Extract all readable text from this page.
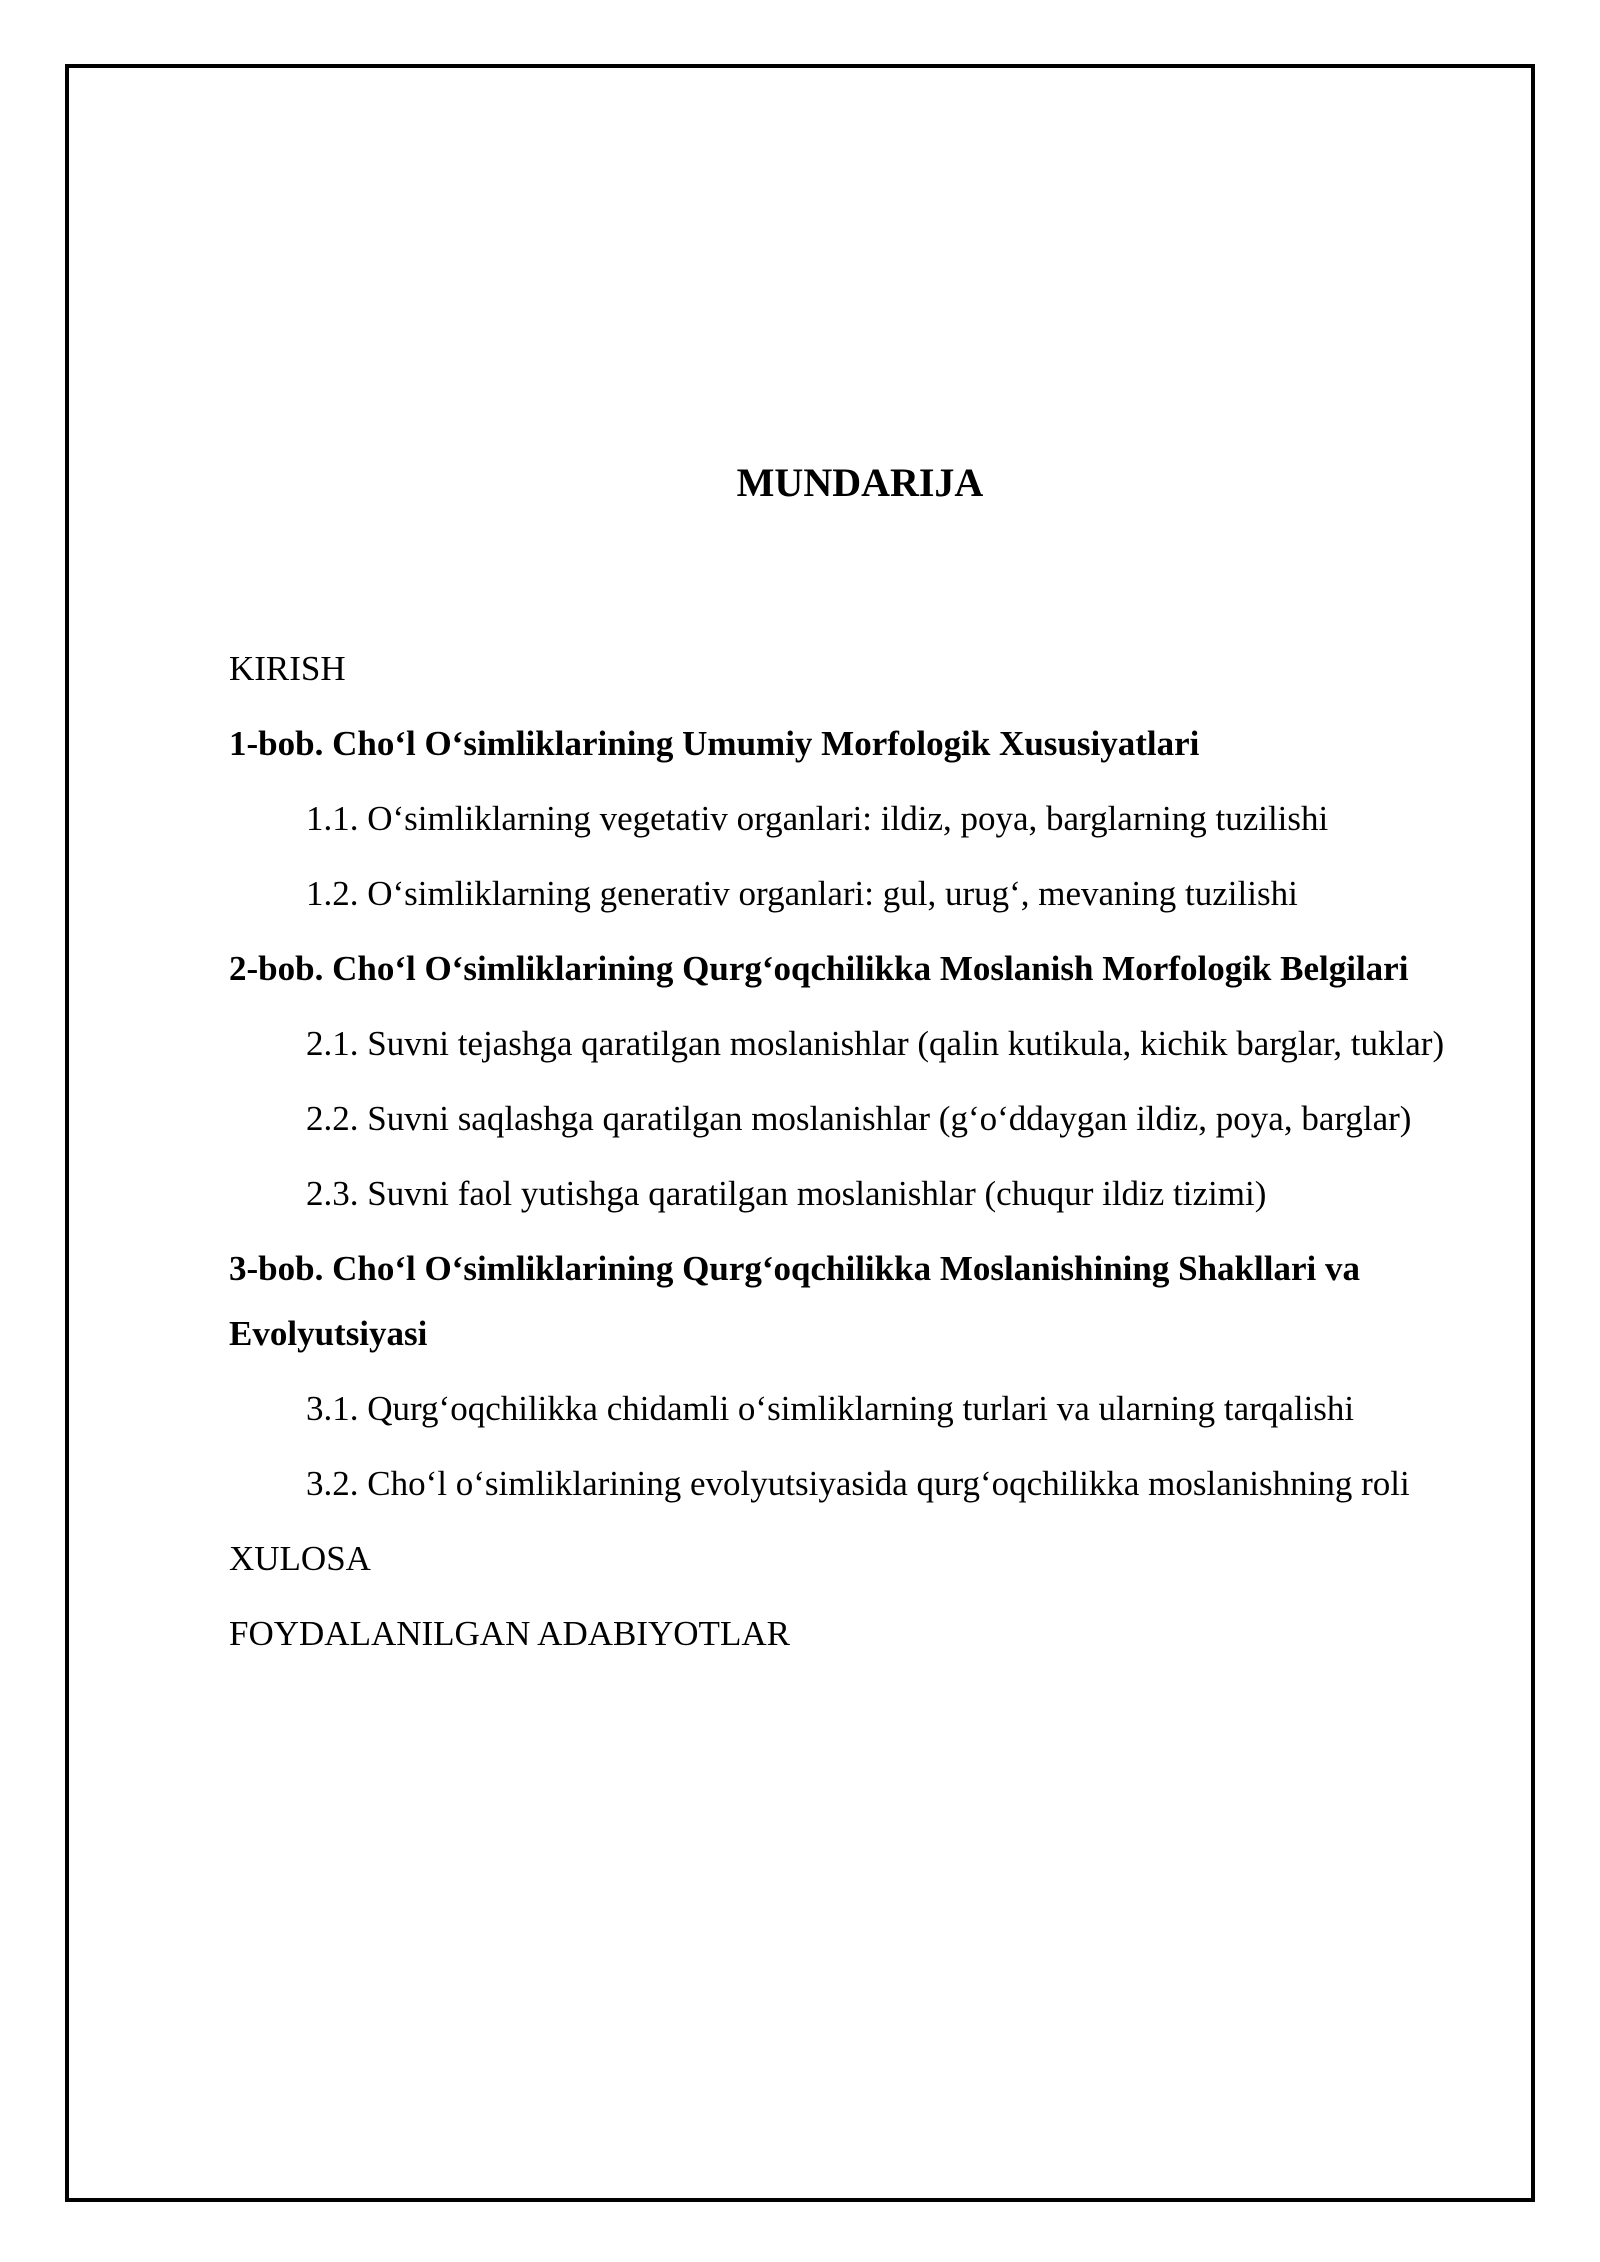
MUNDARIJA

KIRISH

1-bob. Cho‘l O‘simliklarining Umumiy Morfologik Xususiyatlari

1.1. O‘simliklarning vegetativ organlari: ildiz, poya, barglarning tuzilishi

1.2. O‘simliklarning generativ organlari: gul, urug‘, mevaning tuzilishi

2-bob. Cho‘l O‘simliklarining Qurg‘oqchilikka Moslanish Morfologik Belgilari

2.1. Suvni tejashga qaratilgan moslanishlar (qalin kutikula, kichik barglar, tuklar)

2.2. Suvni saqlashga qaratilgan moslanishlar (g‘o‘ddaygan ildiz, poya, barglar)

2.3. Suvni faol yutishga qaratilgan moslanishlar (chuqur ildiz tizimi)

3-bob. Cho‘l O‘simliklarining Qurg‘oqchilikka Moslanishining Shakllari va Evolyutsiyasi

3.1. Qurg‘oqchilikka chidamli o‘simliklarning turlari va ularning tarqalishi

3.2. Cho‘l o‘simliklarining evolyutsiyasida qurg‘oqchilikka moslanishning roli

XULOSA

FOYDALANILGAN ADABIYOTLAR
